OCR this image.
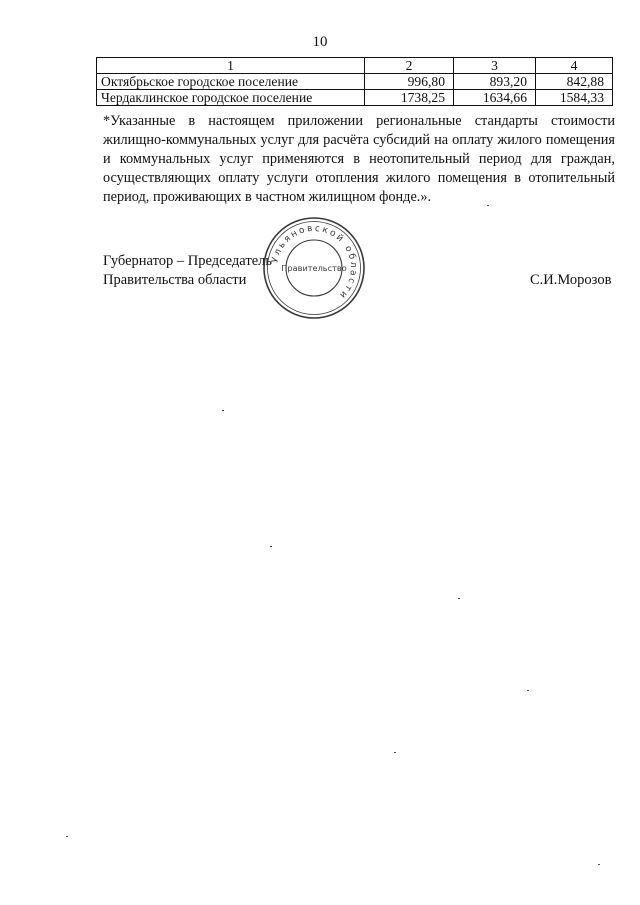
10
1	2	3	4
Октябрьское городское поселение	996,80	893,20	842,88
Чердаклинское городское поселение	1738,25	1634,66	1584,33
*Указанные в настоящем приложении региональные стандарты стоимости жилищно-коммунальных услуг для расчёта субсидий на оплату жилого помещения и коммунальных услуг применяются в неотопительный период для граждан, осуществляющих оплату услуги отопления жилого помещения в отопительный период, проживающих в частном жилищном фонде.».
Губернатор – Председатель
Правительства области	С.И.Морозов
Ульяновской области
Правительство
